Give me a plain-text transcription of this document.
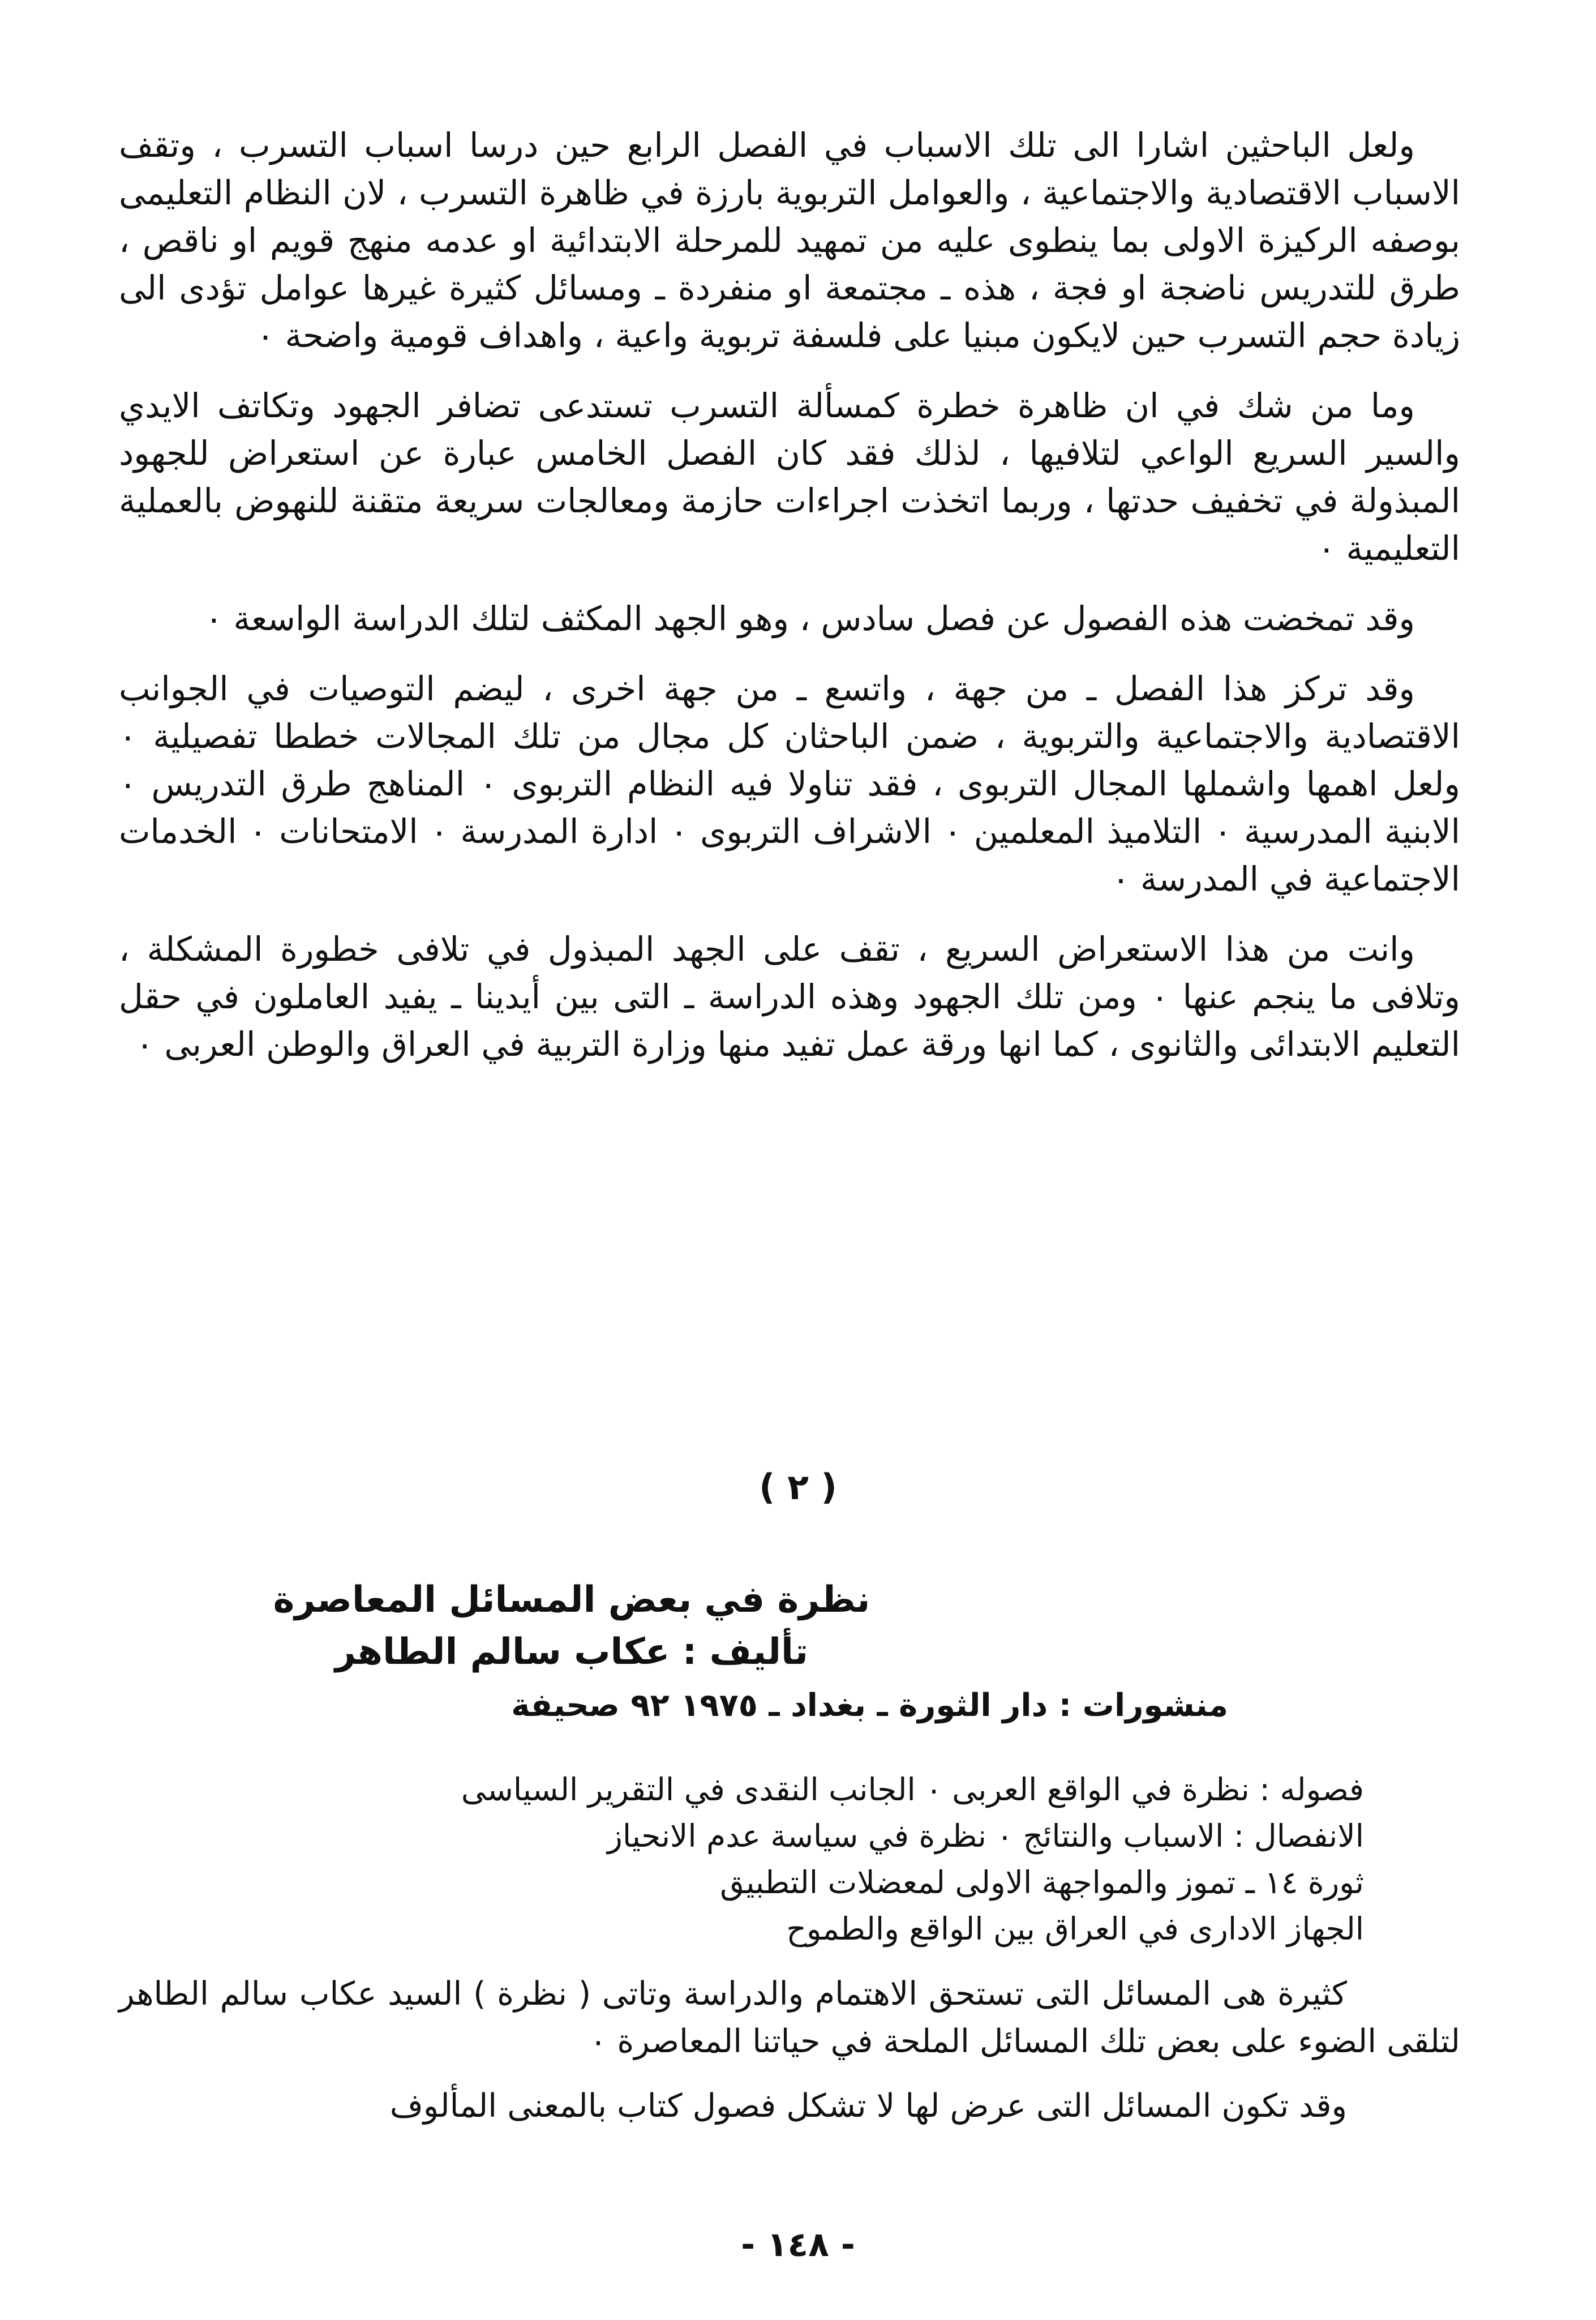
ولعل الباحثين اشارا الى تلك الاسباب في الفصل الرابع حين درسا اسباب التسرب ، وتقف الاسباب الاقتصادية والاجتماعية ، والعوامل التربوية بارزة في ظاهرة التسرب ، لان النظام التعليمى بوصفه الركيزة الاولى بما ينطوى عليه من تمهيد للمرحلة الابتدائية او عدمه منهج قويم او ناقص ، طرق للتدريس ناضجة او فجة ، هذه ـ مجتمعة او منفردة ـ ومسائل كثيرة غيرها عوامل تؤدى الى زيادة حجم التسرب حين لايكون مبنيا على فلسفة تربوية واعية ، واهداف قومية واضحة ٠

وما من شك في ان ظاهرة خطرة كمسألة التسرب تستدعى تضافر الجهود وتكاتف الايدي والسير السريع الواعي لتلافيها ، لذلك فقد كان الفصل الخامس عبارة عن استعراض للجهود المبذولة في تخفيف حدتها ، وربما اتخذت اجراءات حازمة ومعالجات سريعة متقنة للنهوض بالعملية التعليمية ٠

وقد تمخضت هذه الفصول عن فصل سادس ، وهو الجهد المكثف لتلك الدراسة الواسعة ٠

وقد تركز هذا الفصل ـ من جهة ، واتسع ـ من جهة اخرى ، ليضم التوصيات في الجوانب الاقتصادية والاجتماعية والتربوية ، ضمن الباحثان كل مجال من تلك المجالات خططا تفصيلية ٠ ولعل اهمها واشملها المجال التربوى ، فقد تناولا فيه النظام التربوى ٠ المناهج طرق التدريس ٠ الابنية المدرسية ٠ التلاميذ المعلمين ٠ الاشراف التربوى ٠ ادارة المدرسة ٠ الامتحانات ٠ الخدمات الاجتماعية في المدرسة ٠

وانت من هذا الاستعراض السريع ، تقف على الجهد المبذول في تلافى خطورة المشكلة ، وتلافى ما ينجم عنها ٠ ومن تلك الجهود وهذه الدراسة ـ التى بين أيدينا ـ يفيد العاملون في حقل التعليم الابتدائى والثانوى ، كما انها ورقة عمل تفيد منها وزارة التربية في العراق والوطن العربى ٠

( ٢ )
نظرة في بعض المسائل المعاصرة
تأليف : عكاب سالم الطاهر
منشورات : دار الثورة ـ بغداد ـ ١٩٧٥ ٩٢ صحيفة
فصوله : نظرة في الواقع العربى ٠ الجانب النقدى في التقرير السياسى
الانفصال : الاسباب والنتائج ٠ نظرة في سياسة عدم الانحياز
ثورة ١٤ ـ تموز والمواجهة الاولى لمعضلات التطبيق
الجهاز الادارى في العراق بين الواقع والطموح

كثيرة هى المسائل التى تستحق الاهتمام والدراسة وتاتى ( نظرة ) السيد عكاب سالم الطاهر لتلقى الضوء على بعض تلك المسائل الملحة في حياتنا المعاصرة ٠

وقد تكون المسائل التى عرض لها لا تشكل فصول كتاب بالمعنى المألوف

- ١٤٨ -
